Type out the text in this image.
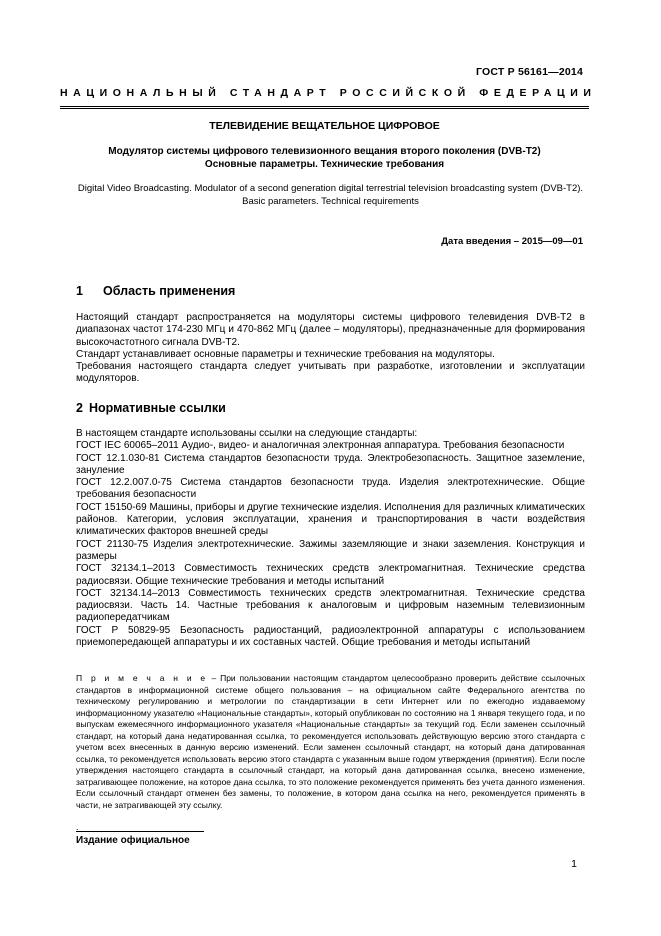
ГОСТ Р 56161—2014
НАЦИОНАЛЬНЫЙ СТАНДАРТ РОССИЙСКОЙ ФЕДЕРАЦИИ
ТЕЛЕВИДЕНИЕ ВЕЩАТЕЛЬНОЕ ЦИФРОВОЕ
Модулятор системы цифрового телевизионного вещания второго поколения (DVB-T2)
Основные параметры. Технические требования
Digital Video Broadcasting. Modulator of a second generation digital terrestrial television broadcasting system (DVB-T2).
Basic parameters. Technical requirements
Дата введения – 2015—09—01
1 Область применения

Настоящий стандарт распространяется на модуляторы системы цифрового телевидения DVB-T2 в диапазонах частот 174-230 МГц и 470-862 МГц (далее – модуляторы), предназначенные для формирования высокочастотного сигнала DVB-T2.

Стандарт устанавливает основные параметры и технические требования на модуляторы.

Требования настоящего стандарта следует учитывать при разработке, изготовлении и эксплуатации модуляторов.

2 Нормативные ссылки

В настоящем стандарте использованы ссылки на следующие стандарты:

ГОСТ IEC 60065–2011 Аудио-, видео- и аналогичная электронная аппаратура. Требования безопасности

ГОСТ 12.1.030-81 Система стандартов безопасности труда. Электробезопасность. Защитное заземление, зануление

ГОСТ 12.2.007.0-75 Система стандартов безопасности труда. Изделия электротехнические. Общие требования безопасности

ГОСТ 15150-69 Машины, приборы и другие технические изделия. Исполнения для различных климатических районов. Категории, условия эксплуатации, хранения и транспортирования в части воздействия климатических факторов внешней среды

ГОСТ 21130-75 Изделия электротехнические. Зажимы заземляющие и знаки заземления. Конструкция и размеры

ГОСТ 32134.1–2013 Совместимость технических средств электромагнитная. Технические средства радиосвязи. Общие технические требования и методы испытаний

ГОСТ 32134.14–2013 Совместимость технических средств электромагнитная. Технические средства радиосвязи. Часть 14. Частные требования к аналоговым и цифровым наземным телевизионным радиопередатчикам

ГОСТ Р 50829-95 Безопасность радиостанций, радиоэлектронной аппаратуры с использованием приемопередающей аппаратуры и их составных частей. Общие требования и методы испытаний

П р и м е ч а н и е – При пользовании настоящим стандартом целесообразно проверить действие ссылочных стандартов в информационной системе общего пользования – на официальном сайте Федерального агентства по техническому регулированию и метрологии по стандартизации в сети Интернет или по ежегодно издаваемому информационному указателю «Национальные стандарты», который опубликован по состоянию на 1 января текущего года, и по выпускам ежемесячного информационного указателя «Национальные стандарты» за текущий год. Если заменен ссылочный стандарт, на который дана недатированная ссылка, то рекомендуется использовать действующую версию этого стандарта с учетом всех внесенных в данную версию изменений. Если заменен ссылочный стандарт, на который дана датированная ссылка, то рекомендуется использовать версию этого стандарта с указанным выше годом утверждения (принятия). Если после утверждения настоящего стандарта в ссылочный стандарт, на который дана датированная ссылка, внесено изменение, затрагивающее положение, на которое дана ссылка, то это положение рекомендуется применять без учета данного изменения. Если ссылочный стандарт отменен без замены, то положение, в котором дана ссылка на него, рекомендуется применять в части, не затрагивающей эту ссылку.
.
Издание официальное
1
